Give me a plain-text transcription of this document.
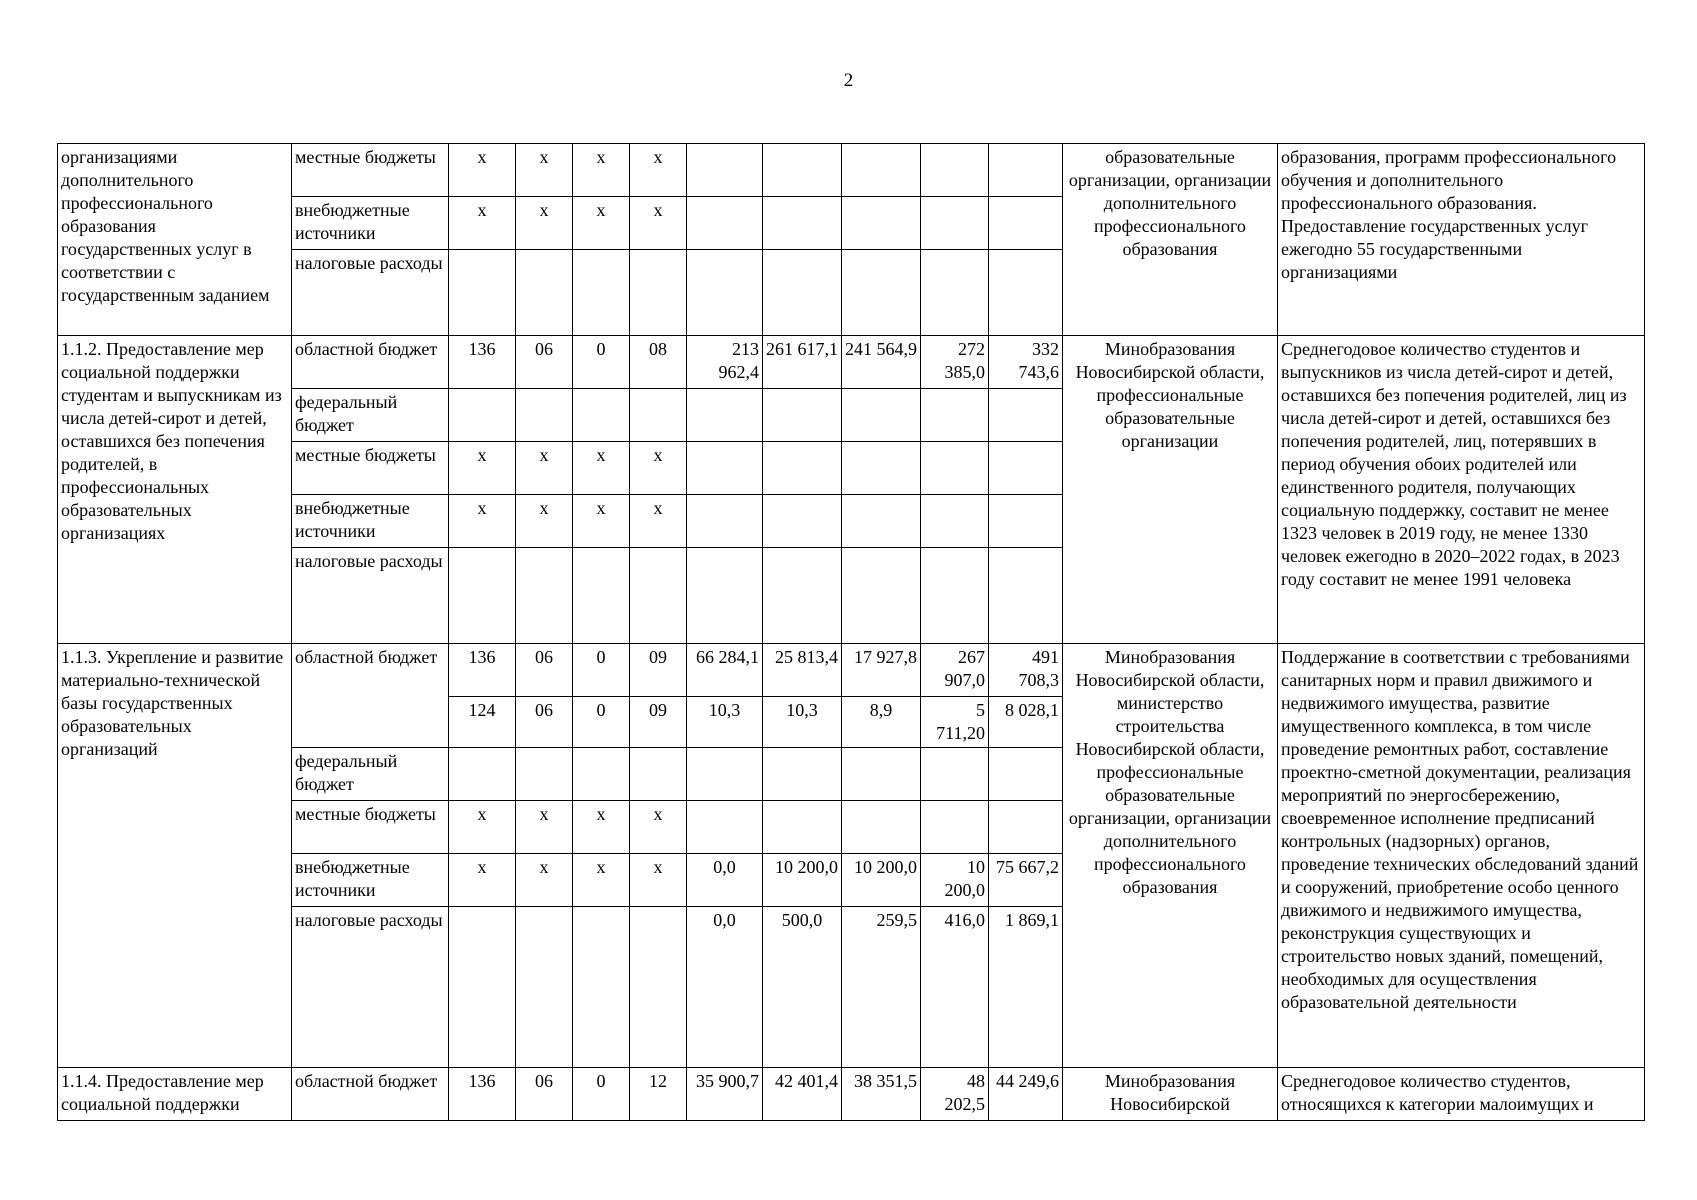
2
организациями дополнительного профессионального образования государственных услуг в соответствии с государственным заданием	местные бюджеты	х	х	х	х						образовательные организации, организации дополнительного профессионального образования	образования, программ профессионального обучения и дополнительного профессионального образования. Предоставление государственных услуг ежегодно 55 государственными организациями
	внебюджетные источники	х	х	х	х							
	налоговые расходы											
1.1.2. Предоставление мер социальной поддержки студентам и выпускникам из числа детей-сирот и детей, оставшихся без попечения родителей, в профессиональных образовательных организациях	областной бюджет	136	06	0	08	213 962,4	261 617,1	241 564,9	272 385,0	332 743,6	Минобразования Новосибирской области, профессиональные образовательные организации	Среднегодовое количество студентов и выпускников из числа детей-сирот и детей, оставшихся без попечения родителей, лиц из числа детей-сирот и детей, оставшихся без попечения родителей, лиц, потерявших в период обучения обоих родителей или единственного родителя, получающих социальную поддержку, составит не менее 1323 человек в 2019 году, не менее 1330 человек ежегодно в 2020–2022 годах, в 2023 году составит не менее 1991 человека
	федеральный бюджет											
	местные бюджеты	х	х	х	х							
	внебюджетные источники	х	х	х	х							
	налоговые расходы											
1.1.3. Укрепление и развитие материально-технической базы государственных образовательных организаций	областной бюджет	136	06	0	09	66 284,1	25 813,4	17 927,8	267 907,0	491 708,3	Минобразования Новосибирской области, министерство строительства Новосибирской области, профессиональные образовательные организации, организации дополнительного профессионального образования	Поддержание в соответствии с требованиями санитарных норм и правил движимого и недвижимого имущества, развитие имущественного комплекса, в том числе проведение ремонтных работ, составление проектно-сметной документации, реализация мероприятий по энергосбережению, своевременное исполнение предписаний контрольных (надзорных) органов, проведение технических обследований зданий и сооружений, приобретение особо ценного движимого и недвижимого имущества, реконструкция существующих и строительство новых зданий, помещений, необходимых для осуществления образовательной деятельности
		124	06	0	09	10,3	10,3	8,9	5 711,20	8 028,1		
	федеральный бюджет											
	местные бюджеты	х	х	х	х							
	внебюджетные источники	х	х	х	х	0,0	10 200,0	10 200,0	10 200,0	75 667,2		
	налоговые расходы					0,0	500,0	259,5	416,0	1 869,1		
1.1.4. Предоставление мер социальной поддержки	областной бюджет	136	06	0	12	35 900,7	42 401,4	38 351,5	48 202,5	44 249,6	Минобразования Новосибирской	Среднегодовое количество студентов, относящихся к категории малоимущих и
